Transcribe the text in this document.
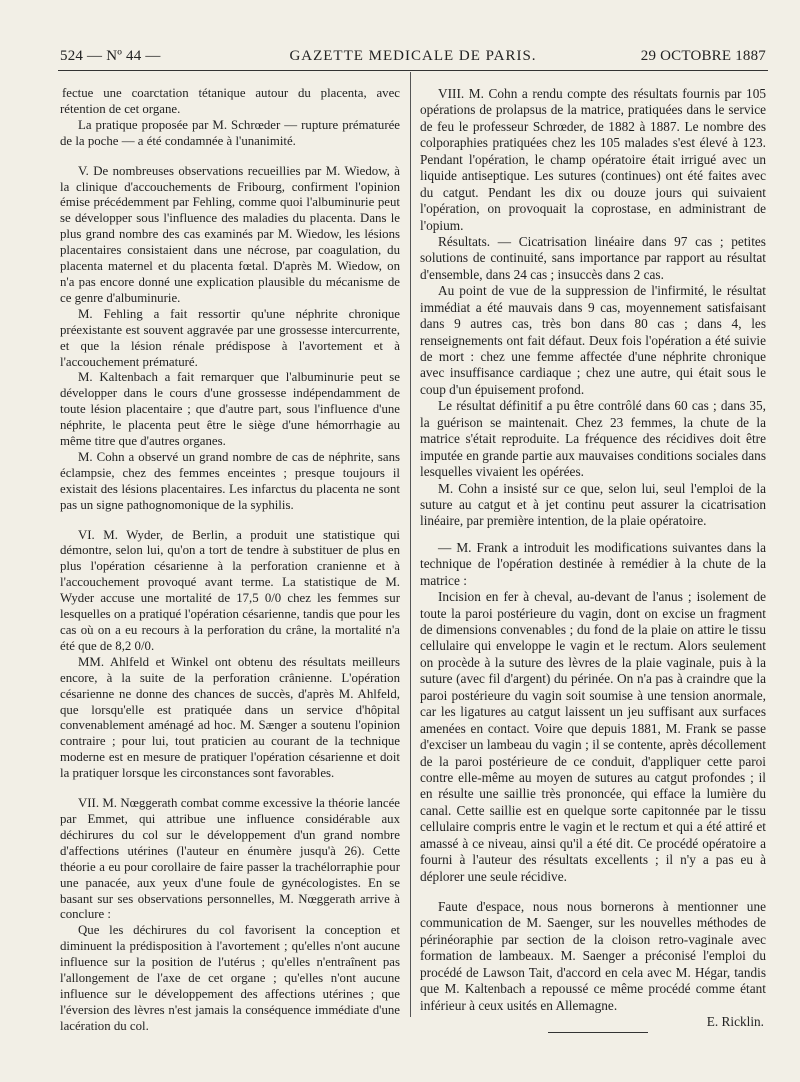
524 — Nº 44 —	GAZETTE MEDICALE DE PARIS.	29 OCTOBRE 1887

fectue une coarctation tétanique autour du placenta, avec rétention de cet organe.

La pratique proposée par M. Schrœder — rupture prématurée de la poche — a été condamnée à l'unanimité.

V. De nombreuses observations recueillies par M. Wiedow, à la clinique d'accouchements de Fribourg, confirment l'opinion émise précédemment par Fehling, comme quoi l'albuminurie peut se développer sous l'influence des maladies du placenta. Dans le plus grand nombre des cas examinés par M. Wiedow, les lésions placentaires consistaient dans une nécrose, par coagulation, du placenta maternel et du placenta fœtal. D'après M. Wiedow, on n'a pas encore donné une explication plausible du mécanisme de ce genre d'albuminurie.

M. Fehling a fait ressortir qu'une néphrite chronique préexistante est souvent aggravée par une grossesse intercurrente, et que la lésion rénale prédispose à l'avortement et à l'accouchement prématuré.

M. Kaltenbach a fait remarquer que l'albuminurie peut se développer dans le cours d'une grossesse indépendamment de toute lésion placentaire ; que d'autre part, sous l'influence d'une néphrite, le placenta peut être le siège d'une hémorrhagie au même titre que d'autres organes.

M. Cohn a observé un grand nombre de cas de néphrite, sans éclampsie, chez des femmes enceintes ; presque toujours il existait des lésions placentaires. Les infarctus du placenta ne sont pas un signe pathognomonique de la syphilis.

VI. M. Wyder, de Berlin, a produit une statistique qui démontre, selon lui, qu'on a tort de tendre à substituer de plus en plus l'opération césarienne à la perforation cranienne et à l'accouchement provoqué avant terme. La statistique de M. Wyder accuse une mortalité de 17,5 0/0 chez les femmes sur lesquelles on a pratiqué l'opération césarienne, tandis que pour les cas où on a eu recours à la perforation du crâne, la mortalité n'a été que de 8,2 0/0.

MM. Ahlfeld et Winkel ont obtenu des résultats meilleurs encore, à la suite de la perforation crânienne. L'opération césarienne ne donne des chances de succès, d'après M. Ahlfeld, que lorsqu'elle est pratiquée dans un service d'hôpital convenablement aménagé ad hoc. M. Sænger a soutenu l'opinion contraire ; pour lui, tout praticien au courant de la technique moderne est en mesure de pratiquer l'opération césarienne et doit la pratiquer lorsque les circonstances sont favorables.

VII. M. Nœggerath combat comme excessive la théorie lancée par Emmet, qui attribue une influence considérable aux déchirures du col sur le développement d'un grand nombre d'affections utérines (l'auteur en énumère jusqu'à 26). Cette théorie a eu pour corollaire de faire passer la trachélorraphie pour une panacée, aux yeux d'une foule de gynécologistes. En se basant sur ses observations personnelles, M. Nœggerath arrive à conclure :

Que les déchirures du col favorisent la conception et diminuent la prédisposition à l'avortement ; qu'elles n'ont aucune influence sur la position de l'utérus ; qu'elles n'entraînent pas l'allongement de l'axe de cet organe ; qu'elles n'ont aucune influence sur le développement des affections utérines ; que l'éversion des lèvres n'est jamais la conséquence immédiate d'une lacération du col.

VIII. M. Cohn a rendu compte des résultats fournis par 105 opérations de prolapsus de la matrice, pratiquées dans le service de feu le professeur Schrœder, de 1882 à 1887. Le nombre des colporaphies pratiquées chez les 105 malades s'est élevé à 123. Pendant l'opération, le champ opératoire était irrigué avec un liquide antiseptique. Les sutures (continues) ont été faites avec du catgut. Pendant les dix ou douze jours qui suivaient l'opération, on provoquait la coprostase, en administrant de l'opium.

Résultats. — Cicatrisation linéaire dans 97 cas ; petites solutions de continuité, sans importance par rapport au résultat d'ensemble, dans 24 cas ; insuccès dans 2 cas.

Au point de vue de la suppression de l'infirmité, le résultat immédiat a été mauvais dans 9 cas, moyennement satisfaisant dans 9 autres cas, très bon dans 80 cas ; dans 4, les renseignements ont fait défaut. Deux fois l'opération a été suivie de mort : chez une femme affectée d'une néphrite chronique avec insuffisance cardiaque ; chez une autre, qui était sous le coup d'un épuisement profond.

Le résultat définitif a pu être contrôlé dans 60 cas ; dans 35, la guérison se maintenait. Chez 23 femmes, la chute de la matrice s'était reproduite. La fréquence des récidives doit être imputée en grande partie aux mauvaises conditions sociales dans lesquelles vivaient les opérées.

M. Cohn a insisté sur ce que, selon lui, seul l'emploi de la suture au catgut et à jet continu peut assurer la cicatrisation linéaire, par première intention, de la plaie opératoire.

— M. Frank a introduit les modifications suivantes dans la technique de l'opération destinée à remédier à la chute de la matrice :

Incision en fer à cheval, au-devant de l'anus ; isolement de toute la paroi postérieure du vagin, dont on excise un fragment de dimensions convenables ; du fond de la plaie on attire le tissu cellulaire qui enveloppe le vagin et le rectum. Alors seulement on procède à la suture des lèvres de la plaie vaginale, puis à la suture (avec fil d'argent) du périnée. On n'a pas à craindre que la paroi postérieure du vagin soit soumise à une tension anormale, car les ligatures au catgut laissent un jeu suffisant aux surfaces amenées en contact. Voire que depuis 1881, M. Frank se passe d'exciser un lambeau du vagin ; il se contente, après décollement de la paroi postérieure de ce conduit, d'appliquer cette paroi contre elle-même au moyen de sutures au catgut profondes ; il en résulte une saillie très prononcée, qui efface la lumière du canal. Cette saillie est en quelque sorte capitonnée par le tissu cellulaire compris entre le vagin et le rectum et qui a été attiré et amassé à ce niveau, ainsi qu'il a été dit. Ce procédé opératoire a fourni à l'auteur des résultats excellents ; il n'y a pas eu à déplorer une seule récidive.

Faute d'espace, nous nous bornerons à mentionner une communication de M. Saenger, sur les nouvelles méthodes de périnéoraphie par section de la cloison retro-vaginale avec formation de lambeaux. M. Saenger a préconisé l'emploi du procédé de Lawson Tait, d'accord en cela avec M. Hégar, tandis que M. Kaltenbach a repoussé ce même procédé comme étant inférieur à ceux usités en Allemagne.

E. Ricklin.
